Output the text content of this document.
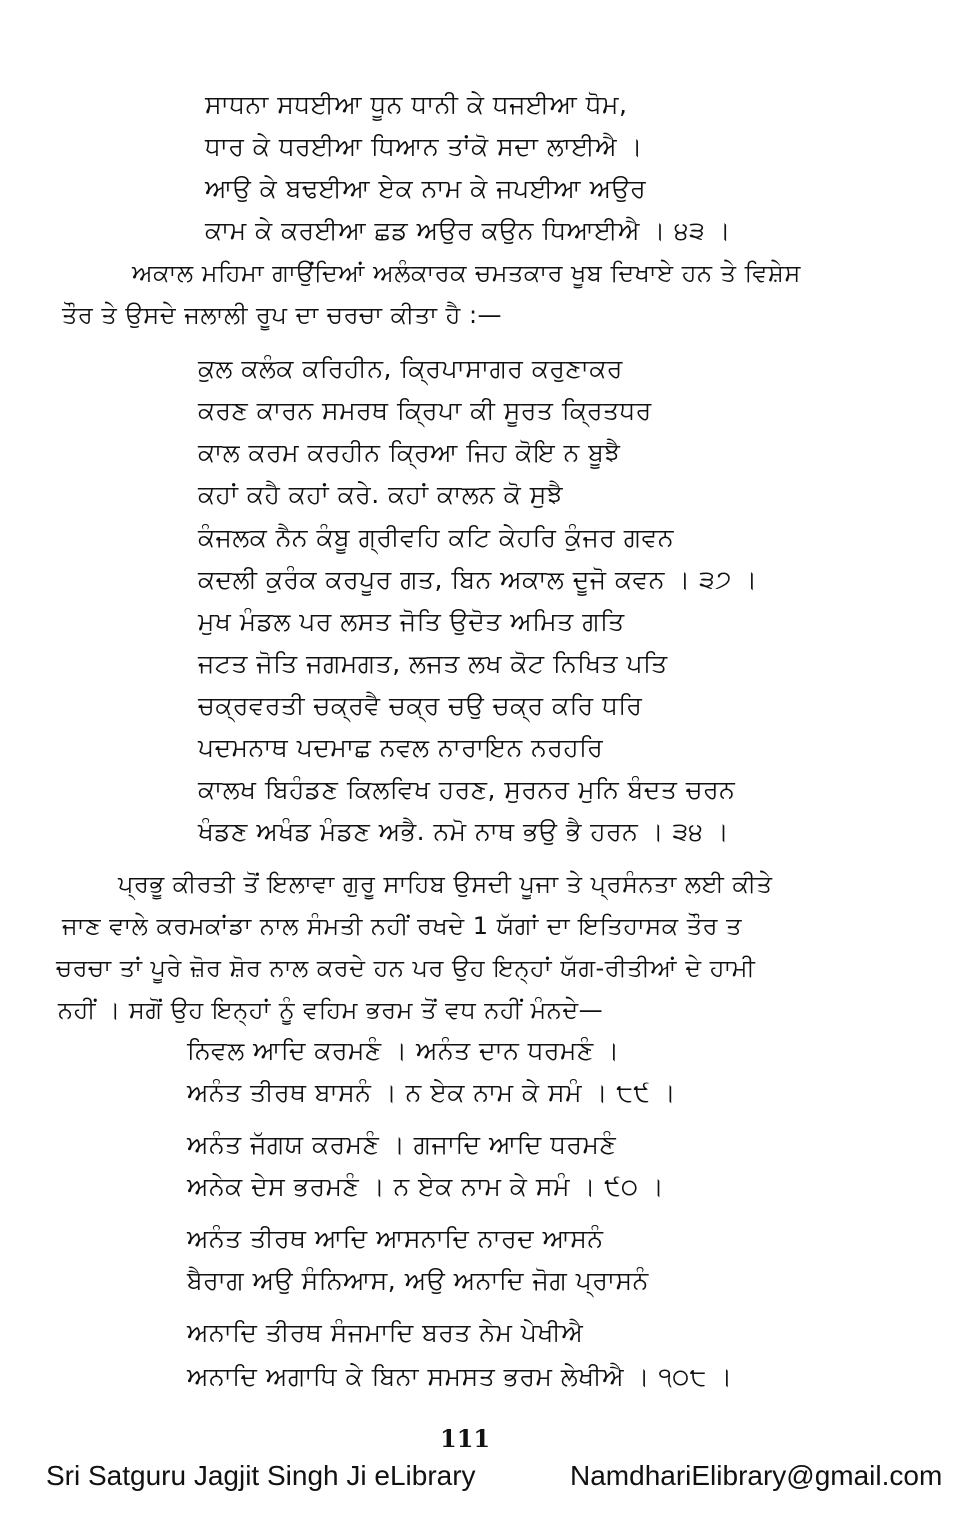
ਸਾਧਨਾ ਸਧਈਆ ਧੂਨ ਧਾਨੀ ਕੇ ਧਜਈਆ ਧੋਮ,
ਧਾਰ ਕੇ ਧਰਈਆ ਧਿਆਨ ਤਾਂਕੋ ਸਦਾ ਲਾਈਐ ।
ਆਉ ਕੇ ਬਢਈਆ ਏਕ ਨਾਮ ਕੇ ਜਪਈਆ ਅਉਰ
ਕਾਮ ਕੇ ਕਰਈਆ ਛਡ ਅਉਰ ਕਉਨ ਧਿਆਈਐ । ੪੩ ।
ਅਕਾਲ ਮਹਿਮਾ ਗਾਉਂਦਿਆਂ ਅਲੰਕਾਰਕ ਚਮਤਕਾਰ ਖੂਬ ਦਿਖਾਏ ਹਨ ਤੇ ਵਿਸ਼ੇਸ
ਤੌਰ ਤੇ ਉਸਦੇ ਜਲਾਲੀ ਰੂਪ ਦਾ ਚਰਚਾ ਕੀਤਾ ਹੈ :—
ਕੁਲ ਕਲੰਕ ਕਰਿਹੀਨ, ਕ੍ਰਿਪਾਸਾਗਰ ਕਰੁਣਾਕਰ
ਕਰਣ ਕਾਰਨ ਸਮਰਥ ਕ੍ਰਿਪਾ ਕੀ ਸੂਰਤ ਕ੍ਰਿਤਧਰ
ਕਾਲ ਕਰਮ ਕਰਹੀਨ ਕ੍ਰਿਆ ਜਿਹ ਕੋਇ ਨ ਬੂਝੈ
ਕਹਾਂ ਕਹੈ ਕਹਾਂ ਕਰੇ. ਕਹਾਂ ਕਾਲਨ ਕੋ ਸੁਝੈ
ਕੰਜਲਕ ਨੈਨ ਕੰਬੂ ਗ੍ਰੀਵਹਿ ਕਟਿ ਕੇਹਰਿ ਕੁੰਜਰ ਗਵਨ
ਕਦਲੀ ਕੁਰੰਕ ਕਰਪੂਰ ਗਤ, ਬਿਨ ਅਕਾਲ ਦੂਜੋ ਕਵਨ । ੩੭ ।
ਮੁਖ ਮੰਡਲ ਪਰ ਲਸਤ ਜੋਤਿ ਉਦੋਤ ਅਮਿਤ ਗਤਿ
ਜਟਤ ਜੋਤਿ ਜਗਮਗਤ, ਲਜਤ ਲਖ ਕੋਟ ਨਿਖਿਤ ਪਤਿ
ਚਕ੍ਰਵਰਤੀ ਚਕ੍ਰਵੈ ਚਕ੍ਰ ਚਉ ਚਕ੍ਰ ਕਰਿ ਧਰਿ
ਪਦਮਨਾਥ ਪਦਮਾਛ ਨਵਲ ਨਾਰਾਇਨ ਨਰਹਰਿ
ਕਾਲਖ ਬਿਹੰਡਣ ਕਿਲਵਿਖ ਹਰਣ, ਸੁਰਨਰ ਮੁਨਿ ਬੰਦਤ ਚਰਨ
ਖੰਡਣ ਅਖੰਡ ਮੰਡਣ ਅਭੈ. ਨਮੋ ਨਾਥ ਭਉ ਭੈ ਹਰਨ । ੩੪ ।
ਪ੍ਰਭੂ ਕੀਰਤੀ ਤੋਂ ਇਲਾਵਾ ਗੁਰੂ ਸਾਹਿਬ ਉਸਦੀ ਪੂਜਾ ਤੇ ਪ੍ਰਸੰਨਤਾ ਲਈ ਕੀਤੇ
ਜਾਣ ਵਾਲੇ ਕਰਮਕਾਂਡਾ ਨਾਲ ਸੰਮਤੀ ਨਹੀਂ ਰਖਦੇ 1 ਯੱਗਾਂ ਦਾ ਇਤਿਹਾਸਕ ਤੌਰ ਤ
ਚਰਚਾ ਤਾਂ ਪੂਰੇ ਜ਼ੋਰ ਸ਼ੋਰ ਨਾਲ ਕਰਦੇ ਹਨ ਪਰ ਉਹ ਇਨ੍ਹਾਂ ਯੱਗ-ਰੀਤੀਆਂ ਦੇ ਹਾਮੀ
ਨਹੀਂ । ਸਗੋਂ ਉਹ ਇਨ੍ਹਾਂ ਨੂੰ ਵਹਿਮ ਭਰਮ ਤੋਂ ਵਧ ਨਹੀਂ ਮੰਨਦੇ—
ਨਿਵਲ ਆਦਿ ਕਰਮਣੰ । ਅਨੰਤ ਦਾਨ ਧਰਮਣੰ ।
ਅਨੰਤ ਤੀਰਥ ਬਾਸਨੰ । ਨ ਏਕ ਨਾਮ ਕੇ ਸਮੰ । ੮੯ ।
ਅਨੰਤ ਜੱਗਯ ਕਰਮਣੰ । ਗਜਾਦਿ ਆਦਿ ਧਰਮਣੰ
ਅਨੇਕ ਦੇਸ ਭਰਮਣੰ । ਨ ਏਕ ਨਾਮ ਕੇ ਸਮੰ । ੯੦ ।
ਅਨੰਤ ਤੀਰਥ ਆਦਿ ਆਸਨਾਦਿ ਨਾਰਦ ਆਸਨੰ
ਬੈਰਾਗ ਅਉ ਸੰਨਿਆਸ, ਅਉ ਅਨਾਦਿ ਜੋਗ ਪ੍ਰਾਸਨੰ
ਅਨਾਦਿ ਤੀਰਥ ਸੰਜਮਾਦਿ ਬਰਤ ਨੇਮ ਪੇਖੀਐ
ਅਨਾਦਿ ਅਗਾਧਿ ਕੇ ਬਿਨਾ ਸਮਸਤ ਭਰਮ ਲੇਖੀਐ । ੧੦੮ ।
111
Sri Satguru Jagjit Singh Ji eLibrary	NamdhariElibrary@gmail.com
